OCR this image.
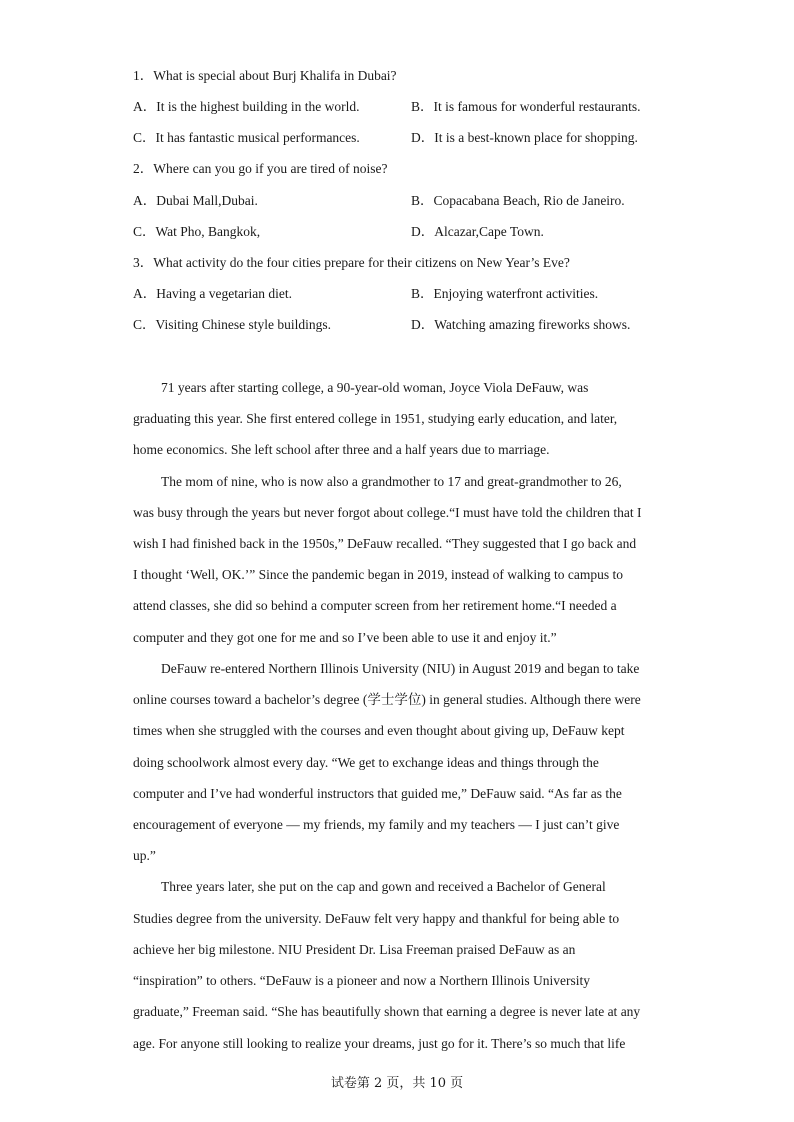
1．What is special about Burj Khalifa in Dubai?
A．It is the highest building in the world.	B．It is famous for wonderful restaurants.
C．It has fantastic musical performances.	D．It is a best-known place for shopping.
2．Where can you go if you are tired of noise?
A．Dubai Mall,Dubai.	B．Copacabana Beach, Rio de Janeiro.
C．Wat Pho, Bangkok,	D．Alcazar,Cape Town.
3．What activity do the four cities prepare for their citizens on New Year’s Eve?
A．Having a vegetarian diet.	B．Enjoying waterfront activities.
C．Visiting Chinese style buildings.	D．Watching amazing fireworks shows.
71 years after starting college, a 90-year-old woman, Joyce Viola DeFauw, was
graduating this year. She first entered college in 1951, studying early education, and later,
home economics. She left school after three and a half years due to marriage.
The mom of nine, who is now also a grandmother to 17 and great-grandmother to 26,
was busy through the years but never forgot about college.“I must have told the children that I
wish I had finished back in the 1950s,” DeFauw recalled. “They suggested that I go back and
I thought ‘Well, OK.’” Since the pandemic began in 2019, instead of walking to campus to
attend classes, she did so behind a computer screen from her retirement home.“I needed a
computer and they got one for me and so I’ve been able to use it and enjoy it.”
DeFauw re-entered Northern Illinois University (NIU) in August 2019 and began to take
online courses toward a bachelor’s degree (学士学位) in general studies. Although there were
times when she struggled with the courses and even thought about giving up, DeFauw kept
doing schoolwork almost every day. “We get to exchange ideas and things through the
computer and I’ve had wonderful instructors that guided me,” DeFauw said. “As far as the
encouragement of everyone — my friends, my family and my teachers — I just can’t give
up.”
Three years later, she put on the cap and gown and received a Bachelor of General
Studies degree from the university. DeFauw felt very happy and thankful for being able to
achieve her big milestone. NIU President Dr. Lisa Freeman praised DeFauw as an
“inspiration” to others. “DeFauw is a pioneer and now a Northern Illinois University
graduate,” Freeman said. “She has beautifully shown that earning a degree is never late at any
age. For anyone still looking to realize your dreams, just go for it. There’s so much that life
试卷第 2 页，共 10 页
